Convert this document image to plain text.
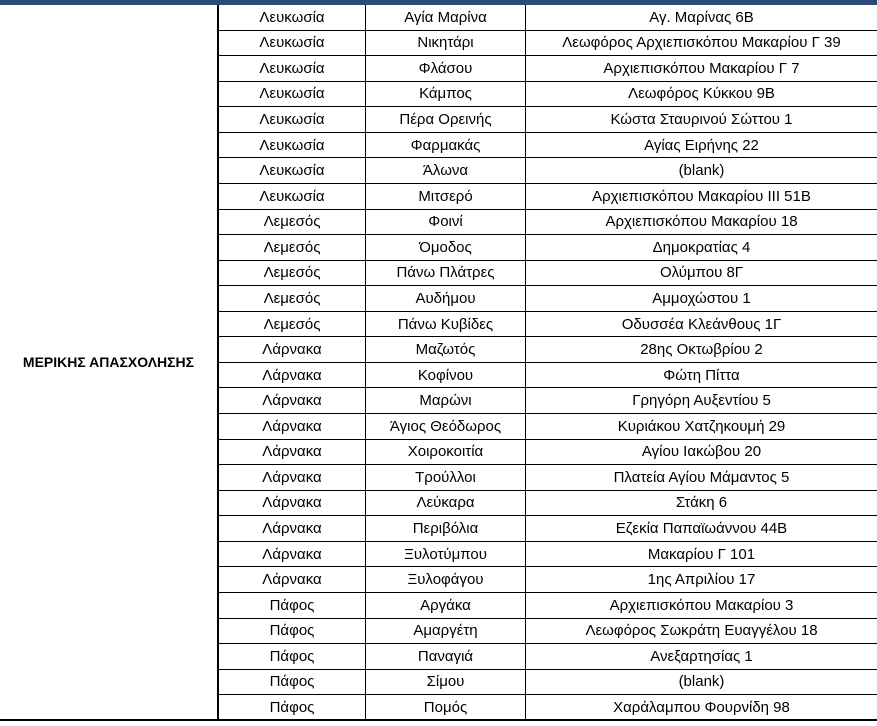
ΜΕΡΙΚΗΣ ΑΠΑΣΧΟΛΗΣΗΣ
Λευκωσία	Αγία Μαρίνα	Αγ. Μαρίνας 6Β
Λευκωσία	Νικητάρι	Λεωφόρος Αρχιεπισκόπου Μακαρίου Γ 39
Λευκωσία	Φλάσου	Αρχιεπισκόπου Μακαρίου Γ 7
Λευκωσία	Κάμπος	Λεωφόρος Κύκκου 9Β
Λευκωσία	Πέρα Ορεινής	Κώστα Σταυρινού Σώττου 1
Λευκωσία	Φαρμακάς	Αγίας Ειρήνης 22
Λευκωσία	Άλωνα	(blank)
Λευκωσία	Μιτσερό	Αρχιεπισκόπου Μακαρίου ΙΙΙ 51Β
Λεμεσός	Φοινί	Αρχιεπισκόπου Μακαρίου 18
Λεμεσός	Όμοδος	Δημοκρατίας 4
Λεμεσός	Πάνω Πλάτρες	Ολύμπου 8Γ
Λεμεσός	Αυδήμου	Αμμοχώστου 1
Λεμεσός	Πάνω Κυβίδες	Οδυσσέα Κλεάνθους 1Γ
Λάρνακα	Μαζωτός	28ης Οκτωβρίου 2
Λάρνακα	Κοφίνου	Φώτη Πίττα
Λάρνακα	Μαρώνι	Γρηγόρη Αυξεντίου 5
Λάρνακα	Άγιος Θεόδωρος	Κυριάκου Χατζηκουμή 29
Λάρνακα	Χοιροκοιτία	Αγίου Ιακώβου 20
Λάρνακα	Τρούλλοι	Πλατεία Αγίου Μάμαντος 5
Λάρνακα	Λεύκαρα	Στάκη 6
Λάρνακα	Περιβόλια	Εζεκία Παπαϊωάννου 44Β
Λάρνακα	Ξυλοτύμπου	Μακαρίου Γ 101
Λάρνακα	Ξυλοφάγου	1ης Απριλίου 17
Πάφος	Αργάκα	Αρχιεπισκόπου Μακαρίου 3
Πάφος	Αμαργέτη	Λεωφόρος Σωκράτη Ευαγγέλου 18
Πάφος	Παναγιά	Ανεξαρτησίας 1
Πάφος	Σίμου	(blank)
Πάφος	Πομός	Χαράλαμπου Φουρνίδη 98
